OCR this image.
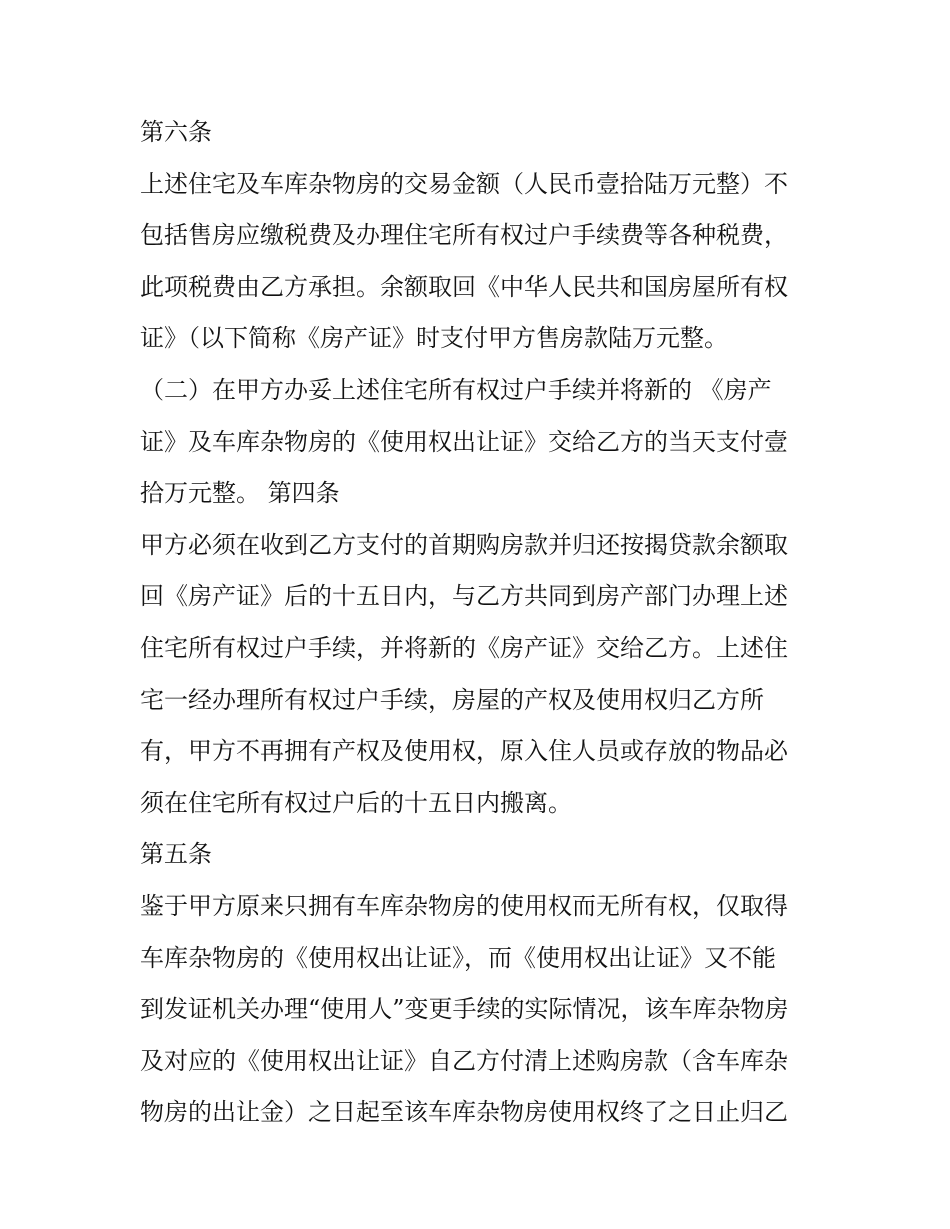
第六条
上述住宅及车库杂物房的交易金额（人民币壹拾陆万元整）不
包括售房应缴税费及办理住宅所有权过户手续费等各种税费，
此项税费由乙方承担。余额取回《中华人民共和国房屋所有权
证》（以下简称《房产证》时支付甲方售房款陆万元整。
（二）在甲方办妥上述住宅所有权过户手续并将新的 《房产
证》及车库杂物房的《使用权出让证》交给乙方的当天支付壹
拾万元整。 第四条
甲方必须在收到乙方支付的首期购房款并归还按揭贷款余额取
回《房产证》后的十五日内，与乙方共同到房产部门办理上述
住宅所有权过户手续，并将新的《房产证》交给乙方。上述住
宅一经办理所有权过户手续，房屋的产权及使用权归乙方所
有，甲方不再拥有产权及使用权，原入住人员或存放的物品必
须在住宅所有权过户后的十五日内搬离。
第五条
鉴于甲方原来只拥有车库杂物房的使用权而无所有权，仅取得
车库杂物房的《使用权出让证》，而《使用权出让证》又不能
到发证机关办理“使用人”变更手续的实际情况，该车库杂物房
及对应的《使用权出让证》自乙方付清上述购房款（含车库杂
物房的出让金）之日起至该车库杂物房使用权终了之日止归乙
